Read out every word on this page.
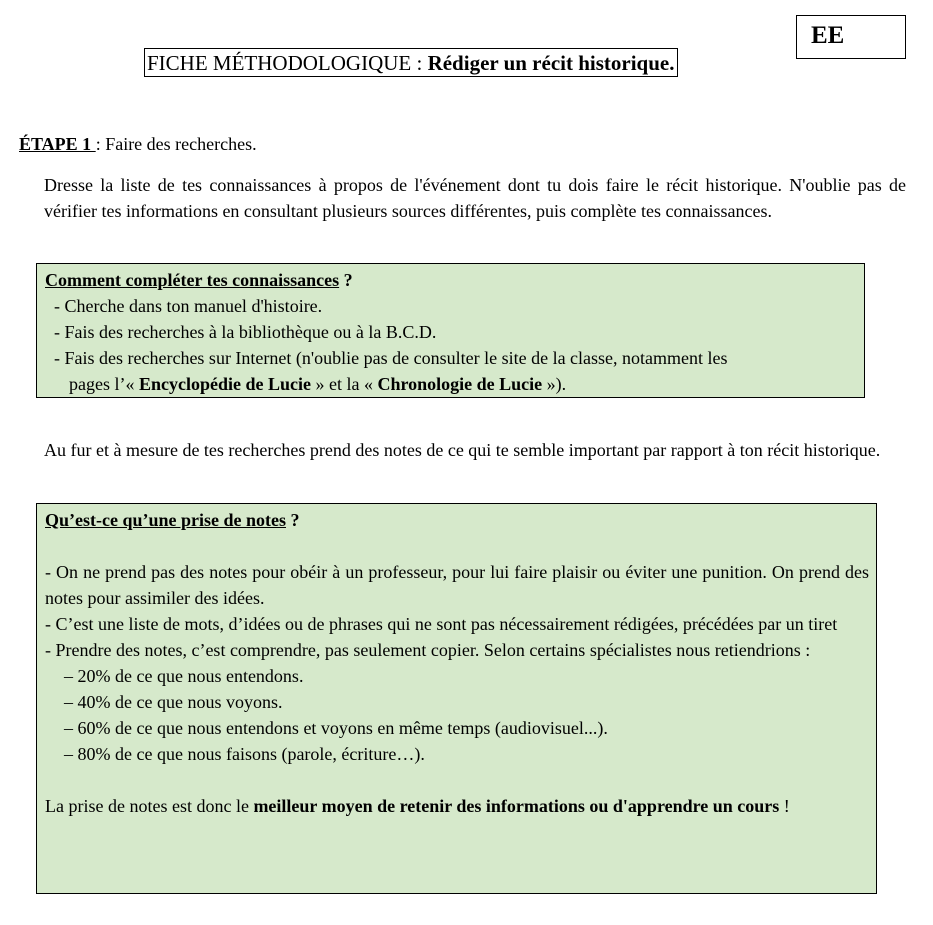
EE
FICHE MÉTHODOLOGIQUE : Rédiger un récit historique.
ÉTAPE 1 : Faire des recherches.
Dresse la liste de tes connaissances à propos de l'événement dont tu dois faire le récit historique. N'oublie pas de vérifier tes informations en consultant plusieurs sources différentes, puis complète tes connaissances.
Comment compléter tes connaissances ?
- Cherche dans ton manuel d'histoire.
- Fais des recherches à la bibliothèque ou à la B.C.D.
- Fais des recherches sur Internet (n'oublie pas de consulter le site de la classe, notamment les
pages l’« Encyclopédie de Lucie » et la « Chronologie de Lucie »).
Au fur et à mesure de tes recherches prend des notes de ce qui te semble important par rapport à ton récit historique.
Qu’est-ce qu’une prise de notes ?
- On ne prend pas des notes pour obéir à un professeur, pour lui faire plaisir ou éviter une punition. On prend des notes pour assimiler des idées.
- C’est une liste de mots, d’idées ou de phrases qui ne sont pas nécessairement rédigées, précédées par un tiret
- Prendre des notes, c’est comprendre, pas seulement copier. Selon certains spécialistes nous retiendrions :
– 20% de ce que nous entendons.
– 40% de ce que nous voyons.
– 60% de ce que nous entendons et voyons en même temps (audiovisuel...).
– 80% de ce que nous faisons (parole, écriture…).
La prise de notes est donc le meilleur moyen de retenir des informations ou d'apprendre un cours !
